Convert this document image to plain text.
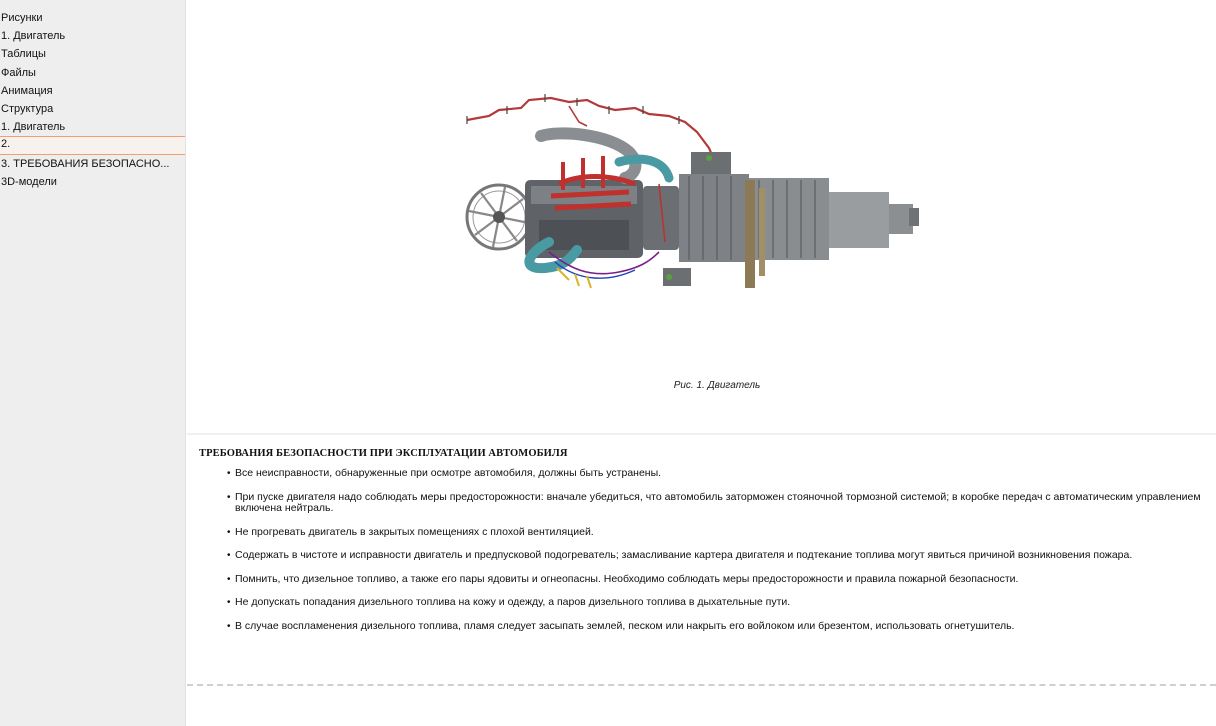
Рисунки
1. Двигатель
Таблицы
Файлы
Анимация
Структура
1. Двигатель
2.
3. ТРЕБОВАНИЯ БЕЗОПАСНО...
3D-модели
Рис. 1. Двигатель
ТРЕБОВАНИЯ БЕЗОПАСНОСТИ ПРИ ЭКСПЛУАТАЦИИ АВТОМОБИЛЯ
• Все неисправности, обнаруженные при осмотре автомобиля, должны быть устранены.
• При пуске двигателя надо соблюдать меры предосторожности: вначале убедиться, что автомобиль заторможен стояночной тормозной системой; в коробке передач с автоматическим управлением включена нейтраль.
• Не прогревать двигатель в закрытых помещениях с плохой вентиляцией.
• Содержать в чистоте и исправности двигатель и предпусковой подогреватель; замасливание картера двигателя и подтекание топлива могут явиться причиной возникновения пожара.
• Помнить, что дизельное топливо, а также его пары ядовиты и огнеопасны. Необходимо соблюдать меры предосторожности и правила пожарной безопасности.
• Не допускать попадания дизельного топлива на кожу и одежду, а паров дизельного топлива в дыхательные пути.
• В случае воспламенения дизельного топлива, пламя следует засыпать землей, песком или накрыть его войлоком или брезентом, использовать огнетушитель.
